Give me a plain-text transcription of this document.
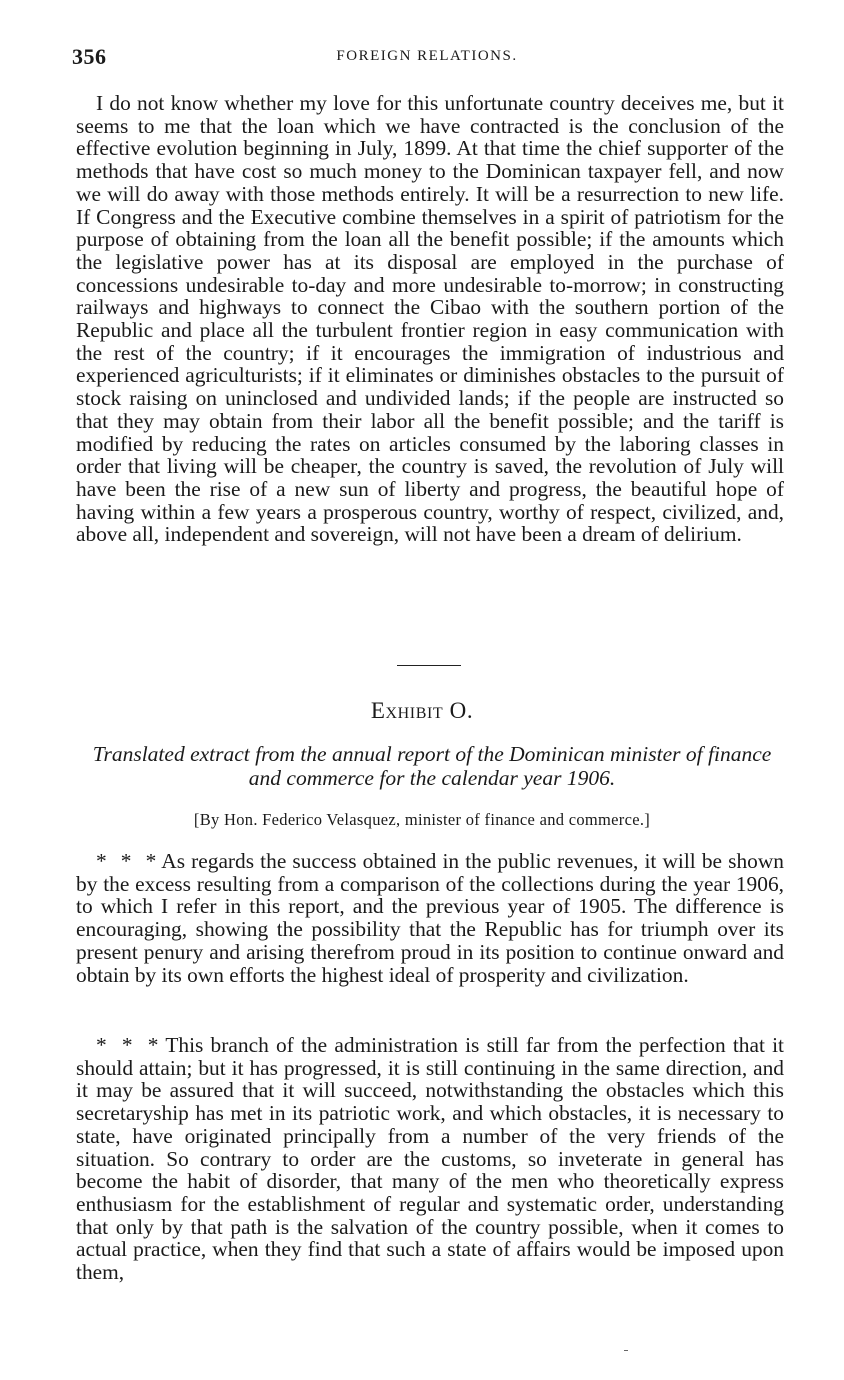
356	FOREIGN RELATIONS.

I do not know whether my love for this unfortunate country deceives me, but it seems to me that the loan which we have contracted is the conclusion of the effective evolution beginning in July, 1899. At that time the chief supporter of the methods that have cost so much money to the Dominican taxpayer fell, and now we will do away with those methods entirely. It will be a resurrection to new life. If Congress and the Executive combine themselves in a spirit of patriotism for the purpose of obtaining from the loan all the benefit possible; if the amounts which the legislative power has at its disposal are employed in the purchase of concessions undesirable to-day and more undesirable to-morrow; in constructing railways and highways to connect the Cibao with the southern portion of the Republic and place all the turbulent frontier region in easy communication with the rest of the country; if it encourages the immigration of industrious and experienced agriculturists; if it eliminates or diminishes obstacles to the pursuit of stock raising on uninclosed and undivided lands; if the people are instructed so that they may obtain from their labor all the benefit possible; and the tariff is modified by reducing the rates on articles consumed by the laboring classes in order that living will be cheaper, the country is saved, the revolution of July will have been the rise of a new sun of liberty and progress, the beautiful hope of having within a few years a prosperous country, worthy of respect, civilized, and, above all, independent and sovereign, will not have been a dream of delirium.

Exhibit O.
Translated extract from the annual report of the Dominican minister of finance and commerce for the calendar year 1906.
[By Hon. Federico Velasquez, minister of finance and commerce.]

* * * As regards the success obtained in the public revenues, it will be shown by the excess resulting from a comparison of the collections during the year 1906, to which I refer in this report, and the previous year of 1905. The difference is encouraging, showing the possibility that the Republic has for triumph over its present penury and arising therefrom proud in its position to continue onward and obtain by its own efforts the highest ideal of prosperity and civilization.

* * * This branch of the administration is still far from the perfection that it should attain; but it has progressed, it is still continuing in the same direction, and it may be assured that it will succeed, notwithstanding the obstacles which this secretaryship has met in its patriotic work, and which obstacles, it is necessary to state, have originated principally from a number of the very friends of the situation. So contrary to order are the customs, so inveterate in general has become the habit of disorder, that many of the men who theoretically express enthusiasm for the establishment of regular and systematic order, understanding that only by that path is the salvation of the country possible, when it comes to actual practice, when they find that such a state of affairs would be imposed upon them,
